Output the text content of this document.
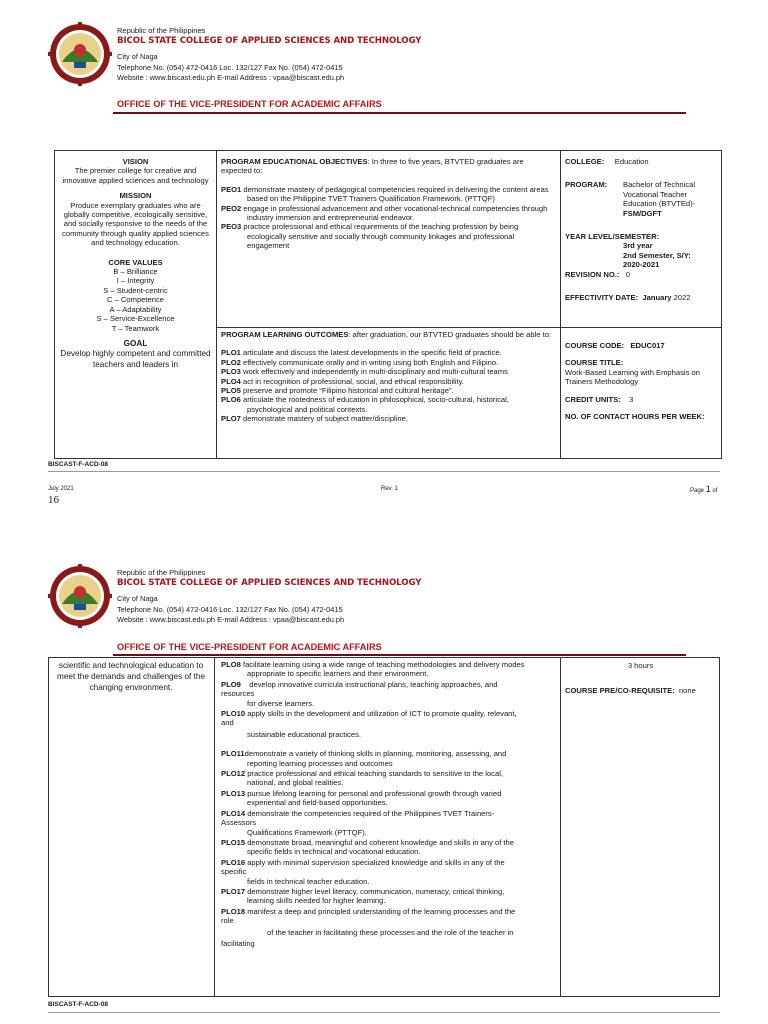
Republic of the Philippines
BICOL STATE COLLEGE OF APPLIED SCIENCES AND TECHNOLOGY
City of Naga
Telephone No. (054) 472-0416 Loc. 132/127 Fax No. (054) 472-0415
Website : www.biscast.edu.ph E-mail Address : vpaa@biscast.edu.ph
OFFICE OF THE VICE-PRESIDENT FOR ACADEMIC AFFAIRS
VISION
The premier college for creative and innovative applied sciences and technology
MISSION
Produce exemplary graduates who are globally competitive, ecologically sensitive, and socially responsive to the needs of the community through quality applied sciences and technology education.
CORE VALUES
B – Brilliance
I – Integrity
S – Student-centric
C – Competence
A – Adaptability
S – Service-Excellence
T – Teamwork
GOAL
Develop highly competent and committed teachers and leaders in

PROGRAM EDUCATIONAL OBJECTIVES: In three to five years, BTVTED graduates are expected to:

PEO1 demonstrate mastery of pedagogical competencies required in delivering the content areas based on the Philippine TVET Trainers Qualification Framework. (PTTQF)

PEO2 engage in professional advancement and other vocational-technical competencies through industry immersion and entrepreneurial endeavor.

PEO3 practice professional and ethical requirements of the teaching profession by being ecologically sensitive and socially through community linkages and professional engagement

PROGRAM LEARNING OUTCOMES: after graduation, our BTVTED graduates should be able to:

PLO1 articulate and discuss the latest developments in the specific field of practice.

PLO2 effectively communicate orally and in writing using both English and Filipino.

PLO3 work effectively and independently in multi-disciplinary and multi-cultural teams

PLO4 act in recognition of professional, social, and ethical responsibility.

PLO5 preserve and promote “Filipino historical and cultural heritage”.

PLO6 articulate the rootedness of education in philosophical, socio-cultural, historical, psychological and political contexts.

PLO7 demonstrate mastery of subject matter/discipline.

COLLEGE: Education

PROGRAM:	Bachelor of Technical Vocational Teacher Education (BTVTEd)-
FSM/DGFT

YEAR LEVEL/SEMESTER:

3rd year

2nd Semester, S/Y:

2020-2021

REVISION NO.: 0

EFFECTIVITY DATE: January 2022

COURSE CODE: EDUC017

COURSE TITLE:

Work-Based Learning with Emphasis on Trainers Methodology

CREDIT UNITS: 3

NO. OF CONTACT HOURS PER WEEK:

BISCAST-F-ACD-08
July 2021	Rev. 1	Page 1 of
16
Republic of the Philippines
BICOL STATE COLLEGE OF APPLIED SCIENCES AND TECHNOLOGY
City of Naga
Telephone No. (054) 472-0416 Loc. 132/127 Fax No. (054) 472-0415
Website : www.biscast.edu.ph E-mail Address : vpaa@biscast.edu.ph
OFFICE OF THE VICE-PRESIDENT FOR ACADEMIC AFFAIRS
scientific and technological education to meet the demands and challenges of the changing environment.
PLO8 facilitate learning using a wide range of teaching methodologies and delivery modes
appropriate to specific learners and their environment.
PLO9 develop innovative curricula instructional plans, teaching approaches, and
resources
for diverse learners.
PLO10 apply skills in the development and utilization of ICT to promote quality, relevant,
and
sustainable educational practices.
PLO11demonstrate a variety of thinking skills in planning, monitoring, assessing, and
reporting learning processes and outcomes
PLO12 practice professional and ethical teaching standards to sensitive to the local,
national, and global realities.
PLO13 pursue lifelong learning for personal and professional growth through varied
experiential and field-based opportunities.
PLO14 demonstrate the competencies required of the Philippines TVET Trainers-
Assessors
Qualifications Framework (PTTQF).
PLO15 demonstrate broad, meaningful and coherent knowledge and skills in any of the
specific fields in technical and vocational education.
PLO16 apply with minimal supervision specialized knowledge and skills in any of the
specific
fields in technical teacher education.
PLO17 demonstrate higher level literacy, communication, numeracy, critical thinking,
learning skills needed for higher learning.
PLO18 manifest a deep and principled understanding of the learning processes and the
role
of the teacher in facilitating these processes and the role of the teacher in
facilitating
3 hours
COURSE PRE/CO-REQUISITE: none
BISCAST-F-ACD-08
